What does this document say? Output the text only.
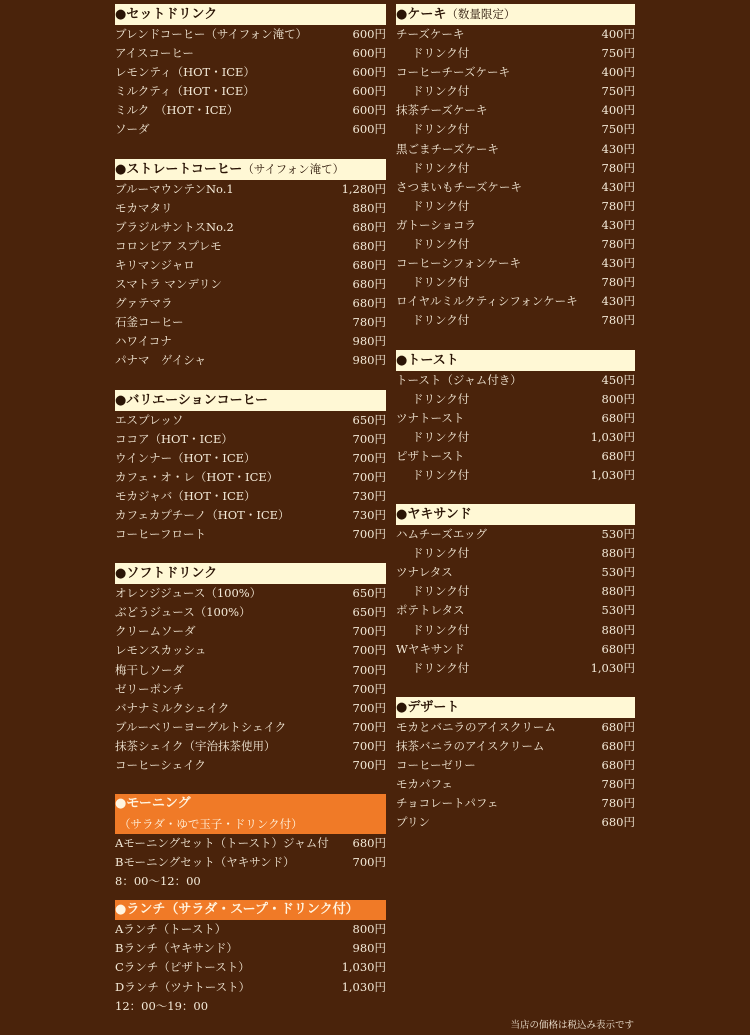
●セットドリンク
ブレンドコーヒー（サイフォン淹て）	600円
アイスコーヒー	600円
レモンティ（HOT・ICE）	600円
ミルクティ（HOT・ICE）	600円
ミルク　（HOT・ICE）	600円
ソーダ	600円
●ストレートコーヒー（サイフォン淹て）
ブルーマウンテンNo.1	1,280円
モカマタリ	880円
ブラジルサントスNo.2	680円
コロンビア スプレモ	680円
キリマンジャロ	680円
スマトラ マンデリン	680円
グァテマラ	680円
石釜コーヒー	780円
ハワイコナ	980円
パナマ　ゲイシャ	980円
●バリエーションコーヒー
エスプレッソ	650円
ココア（HOT・ICE）	700円
ウインナー（HOT・ICE）	700円
カフェ・オ・レ（HOT・ICE）	700円
モカジャバ（HOT・ICE）	730円
カフェカプチーノ（HOT・ICE）	730円
コーヒーフロート	700円
●ソフトドリンク
オレンジジュース（100%）	650円
ぶどうジュース（100%）	650円
クリームソーダ	700円
レモンスカッシュ	700円
梅干しソーダ	700円
ゼリーポンチ	700円
バナナミルクシェイク	700円
ブルーベリーヨーグルトシェイク	700円
抹茶シェイク（宇治抹茶使用）	700円
コーヒーシェイク	700円
●モーニング
（サラダ・ゆで玉子・ドリンク付）
Aモーニングセット（トースト）ジャム付 680円
Bモーニングセット（ヤキサンド）	700円
8：00〜12：00
●ランチ（サラダ・スープ・ドリンク付）
Aランチ（トースト）	800円
Bランチ（ヤキサンド）	980円
Cランチ（ピザトースト）	1,030円
Dランチ（ツナトースト）	1,030円
12：00〜19：00
●ケーキ（数量限定）
チーズケーキ	400円
ドリンク付	750円
コーヒーチーズケーキ	400円
ドリンク付	750円
抹茶チーズケーキ	400円
ドリンク付	750円
黒ごまチーズケーキ	430円
ドリンク付	780円
さつまいもチーズケーキ	430円
ドリンク付	780円
ガトーショコラ	430円
ドリンク付	780円
コーヒーシフォンケーキ	430円
ドリンク付	780円
ロイヤルミルクティシフォンケーキ 430円
ドリンク付	780円
●トースト
トースト（ジャム付き）	450円
ドリンク付	800円
ツナトースト	680円
ドリンク付	1,030円
ピザトースト	680円
ドリンク付	1,030円
●ヤキサンド
ハムチーズエッグ	530円
ドリンク付	880円
ツナレタス	530円
ドリンク付	880円
ポテトレタス	530円
ドリンク付	880円
Wヤキサンド	680円
ドリンク付	1,030円
●デザート
モカとバニラのアイスクリーム	680円
抹茶バニラのアイスクリーム	680円
コーヒーゼリー	680円
モカパフェ	780円
チョコレートパフェ	780円
プリン	680円
当店の価格は税込み表示です
